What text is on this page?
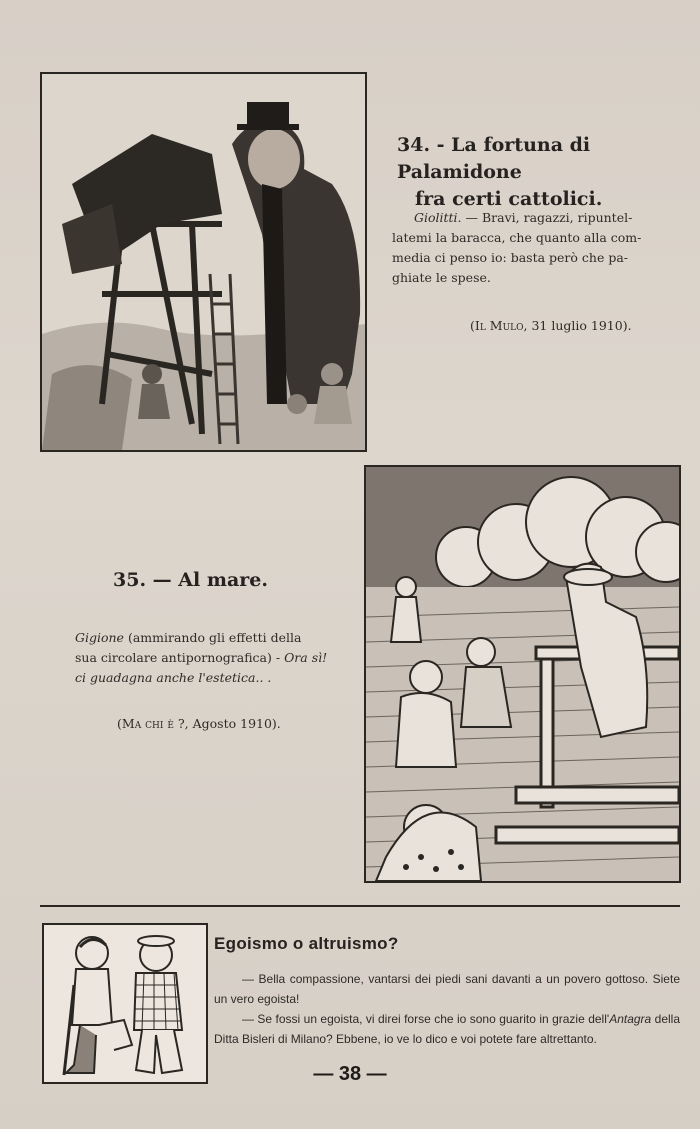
34. - La fortuna di Palamidone
fra certi cattolici.
Giolitti. — Bravi, ragazzi, ripuntel-
latemi la baracca, che quanto alla com-
media ci penso io: basta però che pa-
ghiate le spese.
(Il Mulo, 31 luglio 1910).
35. — Al mare.
Gigione (ammirando gli effetti della
sua circolare antipornografica) - Ora sì!
ci guadagna anche l'estetica.. .
(Ma chi è ?, Agosto 1910).
Egoismo o altruismo?
— Bella compassione, vantarsi dei piedi sani davanti a un povero gottoso. Siete un vero egoista!
— Se fossi un egoista, vi direi forse che io sono guarito in grazie dell'Antagra della Ditta Bisleri di Milano? Ebbene, io ve lo dico e voi potete fare altrettanto.
— 38 —
